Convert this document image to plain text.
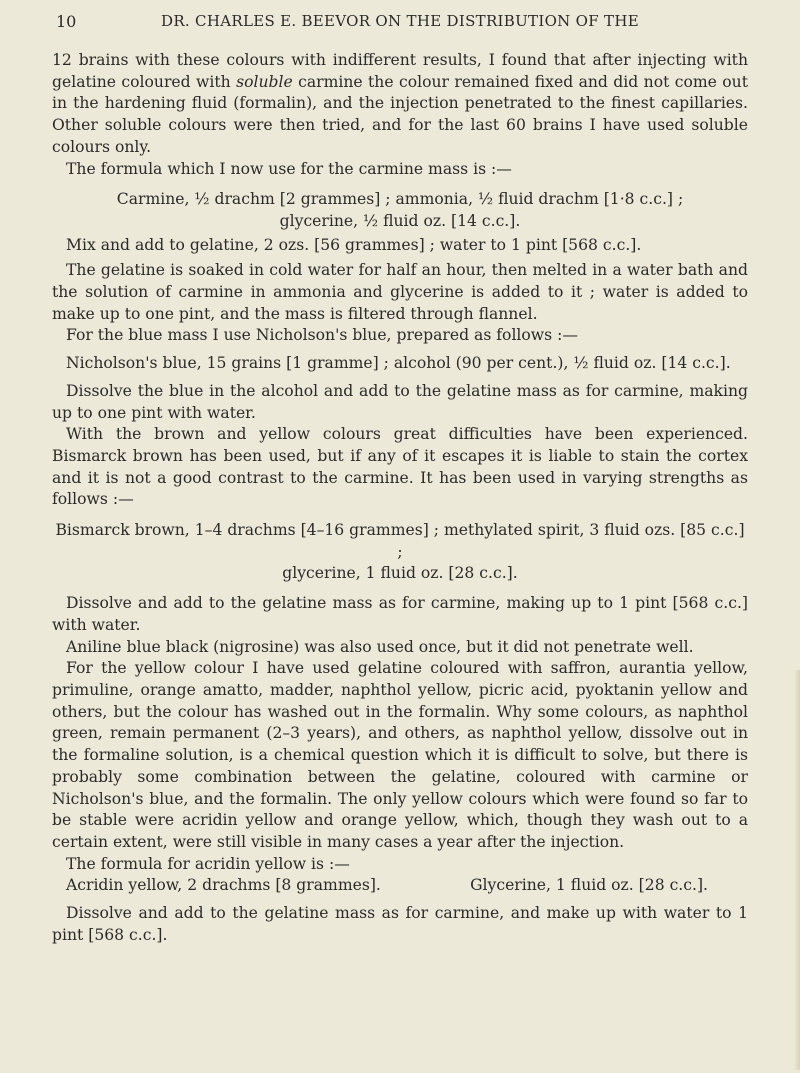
10	DR. CHARLES E. BEEVOR ON THE DISTRIBUTION OF THE

12 brains with these colours with indifferent results, I found that after injecting with gelatine coloured with soluble carmine the colour remained fixed and did not come out in the hardening fluid (formalin), and the injection penetrated to the finest capillaries. Other soluble colours were then tried, and for the last 60 brains I have used soluble colours only.

The formula which I now use for the carmine mass is :—

Carmine, ½ drachm [2 grammes] ; ammonia, ½ fluid drachm [1·8 c.c.] ;
glycerine, ½ fluid oz. [14 c.c.].

Mix and add to gelatine, 2 ozs. [56 grammes] ; water to 1 pint [568 c.c.].

The gelatine is soaked in cold water for half an hour, then melted in a water bath and the solution of carmine in ammonia and glycerine is added to it ; water is added to make up to one pint, and the mass is filtered through flannel.

For the blue mass I use Nicholson's blue, prepared as follows :—

Nicholson's blue, 15 grains [1 gramme] ; alcohol (90 per cent.), ½ fluid oz. [14 c.c.].

Dissolve the blue in the alcohol and add to the gelatine mass as for carmine, making up to one pint with water.

With the brown and yellow colours great difficulties have been experienced. Bismarck brown has been used, but if any of it escapes it is liable to stain the cortex and it is not a good contrast to the carmine. It has been used in varying strengths as follows :—

Bismarck brown, 1–4 drachms [4–16 grammes] ; methylated spirit, 3 fluid ozs. [85 c.c.] ;
glycerine, 1 fluid oz. [28 c.c.].

Dissolve and add to the gelatine mass as for carmine, making up to 1 pint [568 c.c.] with water.

Aniline blue black (nigrosine) was also used once, but it did not penetrate well.

For the yellow colour I have used gelatine coloured with saffron, aurantia yellow, primuline, orange amatto, madder, naphthol yellow, picric acid, pyoktanin yellow and others, but the colour has washed out in the formalin. Why some colours, as naphthol green, remain permanent (2–3 years), and others, as naphthol yellow, dissolve out in the formaline solution, is a chemical question which it is difficult to solve, but there is probably some combination between the gelatine, coloured with carmine or Nicholson's blue, and the formalin. The only yellow colours which were found so far to be stable were acridin yellow and orange yellow, which, though they wash out to a certain extent, were still visible in many cases a year after the injection.

The formula for acridin yellow is :—

Acridin yellow, 2 drachms [8 grammes].	Glycerine, 1 fluid oz. [28 c.c.].

Dissolve and add to the gelatine mass as for carmine, and make up with water to 1 pint [568 c.c.].
